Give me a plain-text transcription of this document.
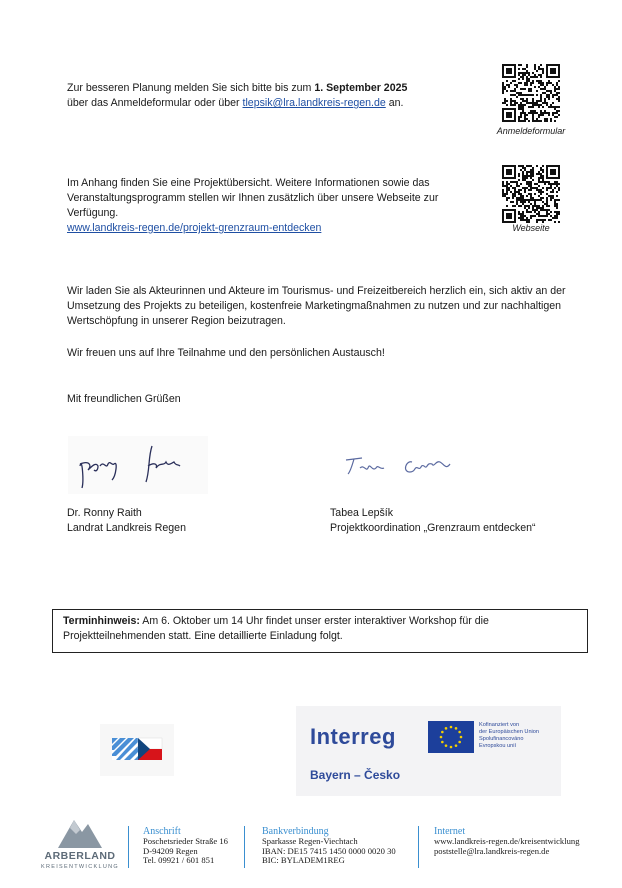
Zur besseren Planung melden Sie sich bitte bis zum 1. September 2025
über das Anmeldeformular oder über tlepsik@lra.landkreis-regen.de an.
Anmeldeformular
Im Anhang finden Sie eine Projektübersicht. Weitere Informationen sowie das Veranstaltungsprogramm stellen wir Ihnen zusätzlich über unsere Webseite zur Verfügung.
www.landkreis-regen.de/projekt-grenzraum-entdecken	Webseite
Wir laden Sie als Akteurinnen und Akteure im Tourismus- und Freizeitbereich herzlich ein, sich aktiv an der Umsetzung des Projekts zu beteiligen, kostenfreie Marketingmaßnahmen zu nutzen und zur nachhaltigen Wertschöpfung in unserer Region beizutragen.
Wir freuen uns auf Ihre Teilnahme und den persönlichen Austausch!
Mit freundlichen Grüßen
Dr. Ronny Raith
Landrat Landkreis Regen
Tabea Lepšík
Projektkoordination „Grenzraum entdecken“
Terminhinweis: Am 6. Oktober um 14 Uhr findet unser erster interaktiver Workshop für die Projektteilnehmenden statt. Eine detaillierte Einladung folgt.
Interreg
Bayern – Česko
Kofinanziert von
der Europäischen Union
Spolufinancováno
Evropskou unií
ARBERLAND
KREISENTWICKLUNG
Anschrift
Poschetsrieder Straße 16
D-94209 Regen
Tel. 09921 / 601 851
Bankverbindung
Sparkasse Regen-Viechtach
IBAN: DE15 7415 1450 0000 0020 30
BIC: BYLADEM1REG
Internet
www.landkreis-regen.de/kreisentwicklung
poststelle@lra.landkreis-regen.de
